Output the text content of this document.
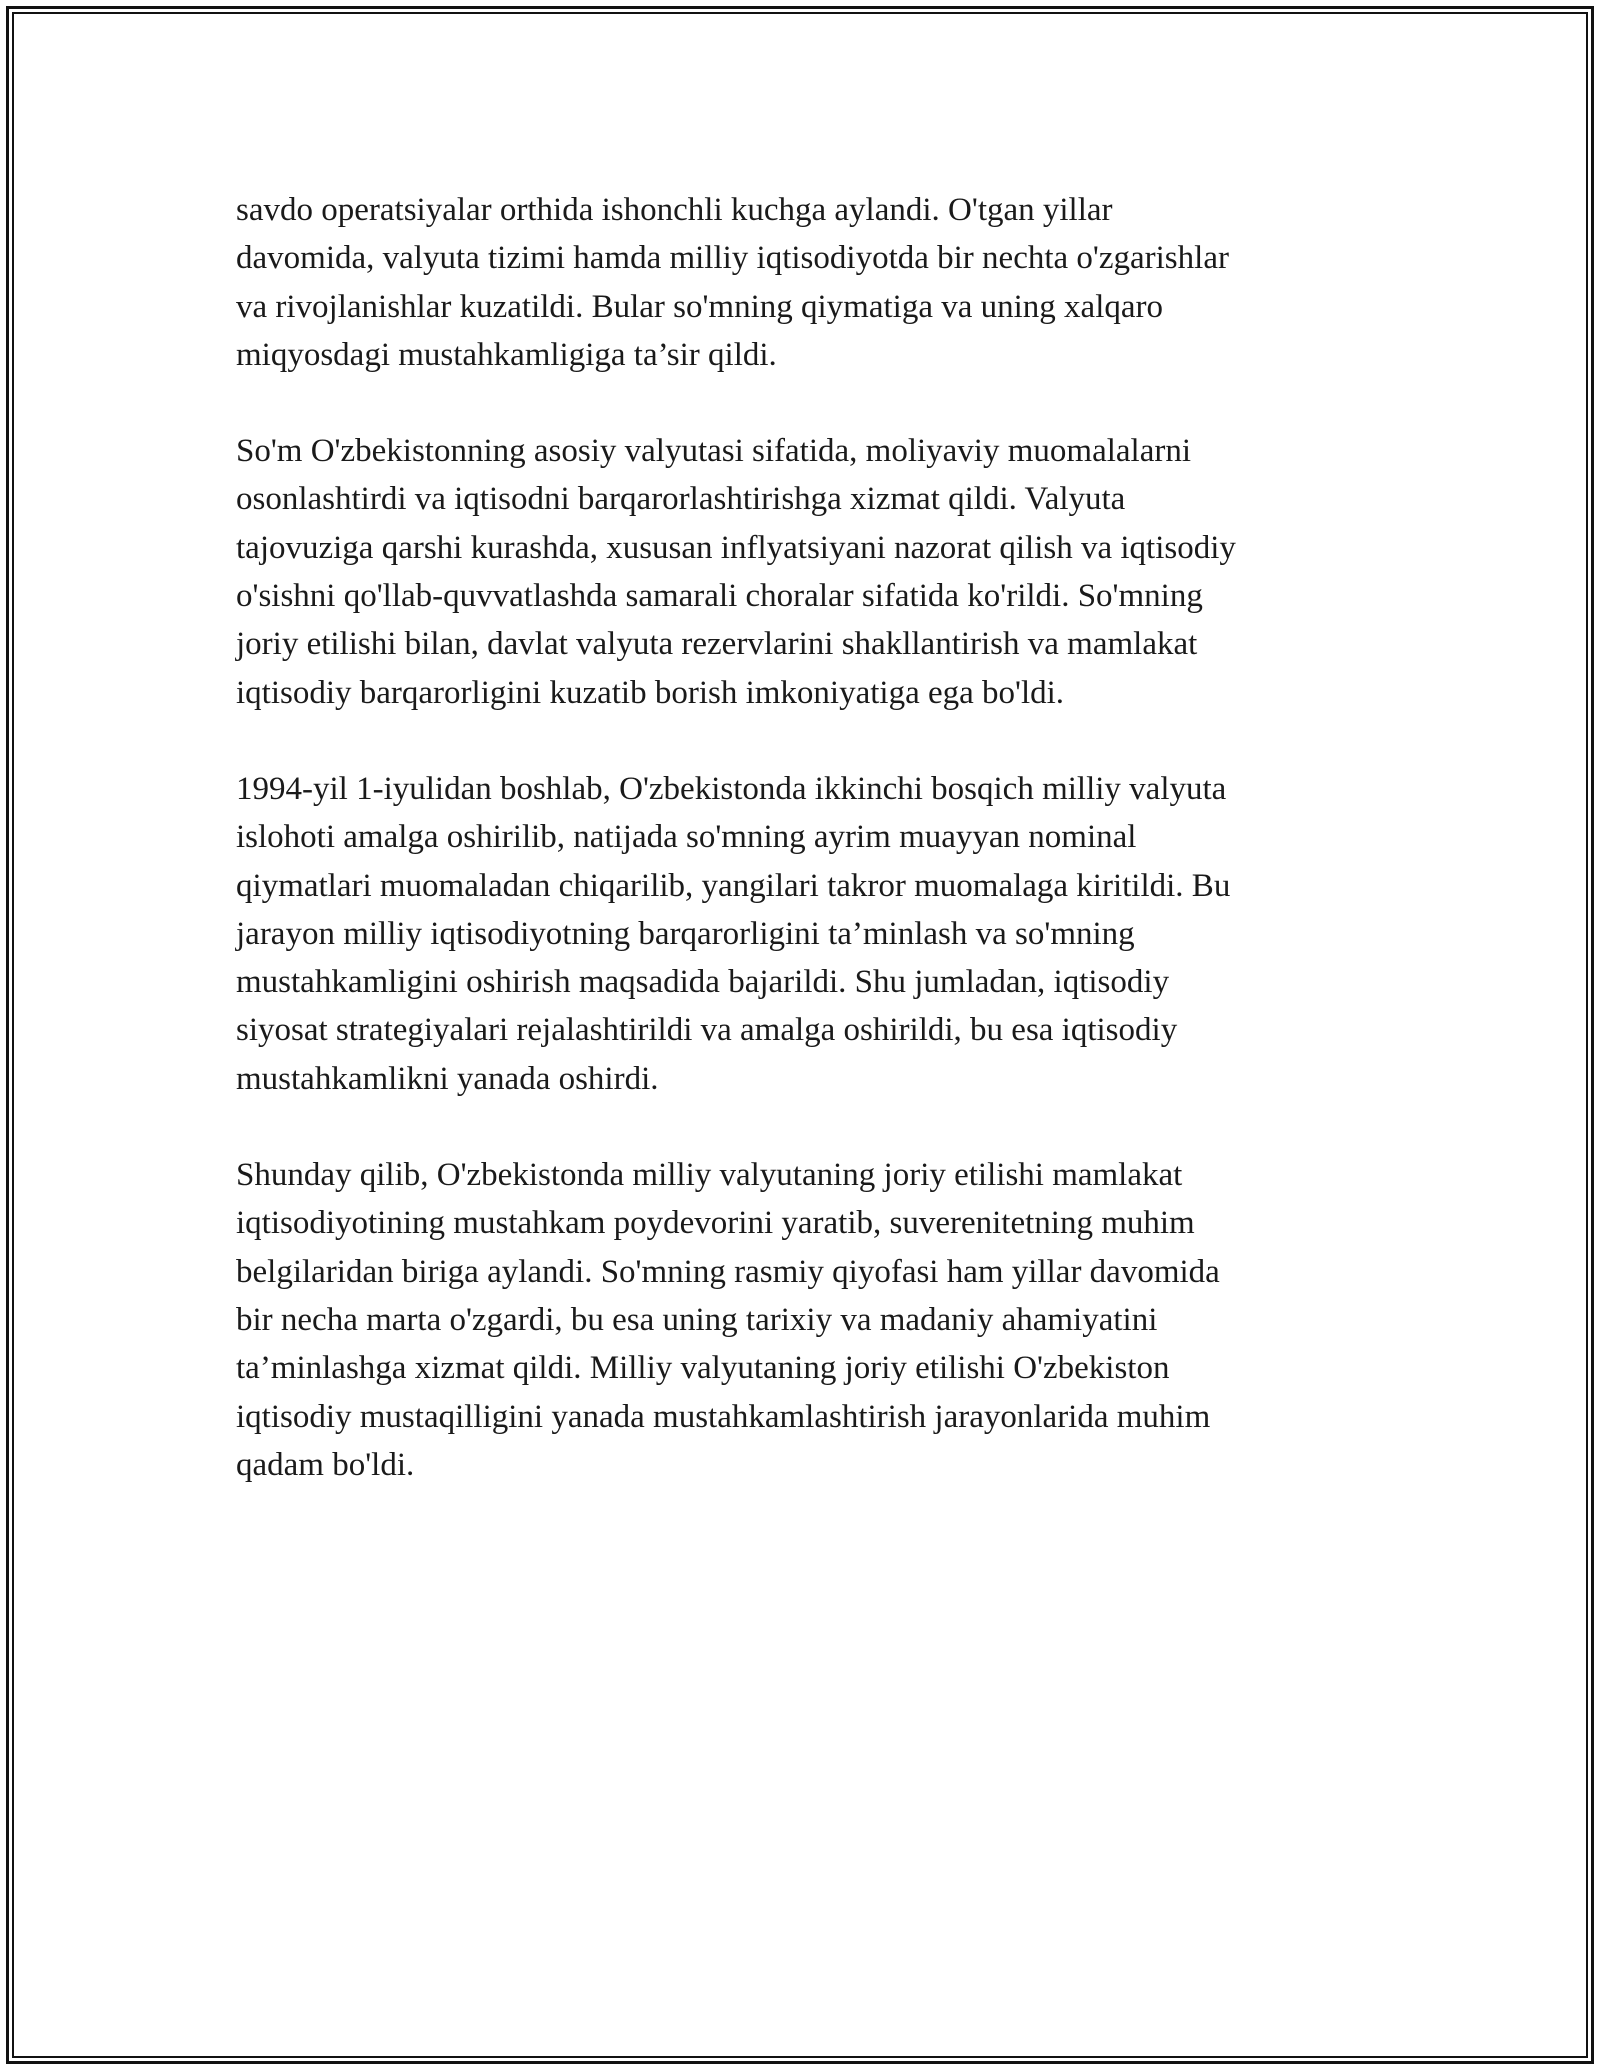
savdo operatsiyalar orthida ishonchli kuchga aylandi. O'tgan yillar
davomida, valyuta tizimi hamda milliy iqtisodiyotda bir nechta o'zgarishlar
va rivojlanishlar kuzatildi. Bular so'mning qiymatiga va uning xalqaro
miqyosdagi mustahkamligiga ta’sir qildi.

So'm O'zbekistonning asosiy valyutasi sifatida, moliyaviy muomalalarni
osonlashtirdi va iqtisodni barqarorlashtirishga xizmat qildi. Valyuta
tajovuziga qarshi kurashda, xususan inflyatsiyani nazorat qilish va iqtisodiy
o'sishni qo'llab-quvvatlashda samarali choralar sifatida ko'rildi. So'mning
joriy etilishi bilan, davlat valyuta rezervlarini shakllantirish va mamlakat
iqtisodiy barqarorligini kuzatib borish imkoniyatiga ega bo'ldi.

1994-yil 1-iyulidan boshlab, O'zbekistonda ikkinchi bosqich milliy valyuta
islohoti amalga oshirilib, natijada so'mning ayrim muayyan nominal
qiymatlari muomaladan chiqarilib, yangilari takror muomalaga kiritildi. Bu
jarayon milliy iqtisodiyotning barqarorligini ta’minlash va so'mning
mustahkamligini oshirish maqsadida bajarildi. Shu jumladan, iqtisodiy
siyosat strategiyalari rejalashtirildi va amalga oshirildi, bu esa iqtisodiy
mustahkamlikni yanada oshirdi.

Shunday qilib, O'zbekistonda milliy valyutaning joriy etilishi mamlakat
iqtisodiyotining mustahkam poydevorini yaratib, suverenitetning muhim
belgilaridan biriga aylandi. So'mning rasmiy qiyofasi ham yillar davomida
bir necha marta o'zgardi, bu esa uning tarixiy va madaniy ahamiyatini
ta’minlashga xizmat qildi. Milliy valyutaning joriy etilishi O'zbekiston
iqtisodiy mustaqilligini yanada mustahkamlashtirish jarayonlarida muhim
qadam bo'ldi.
